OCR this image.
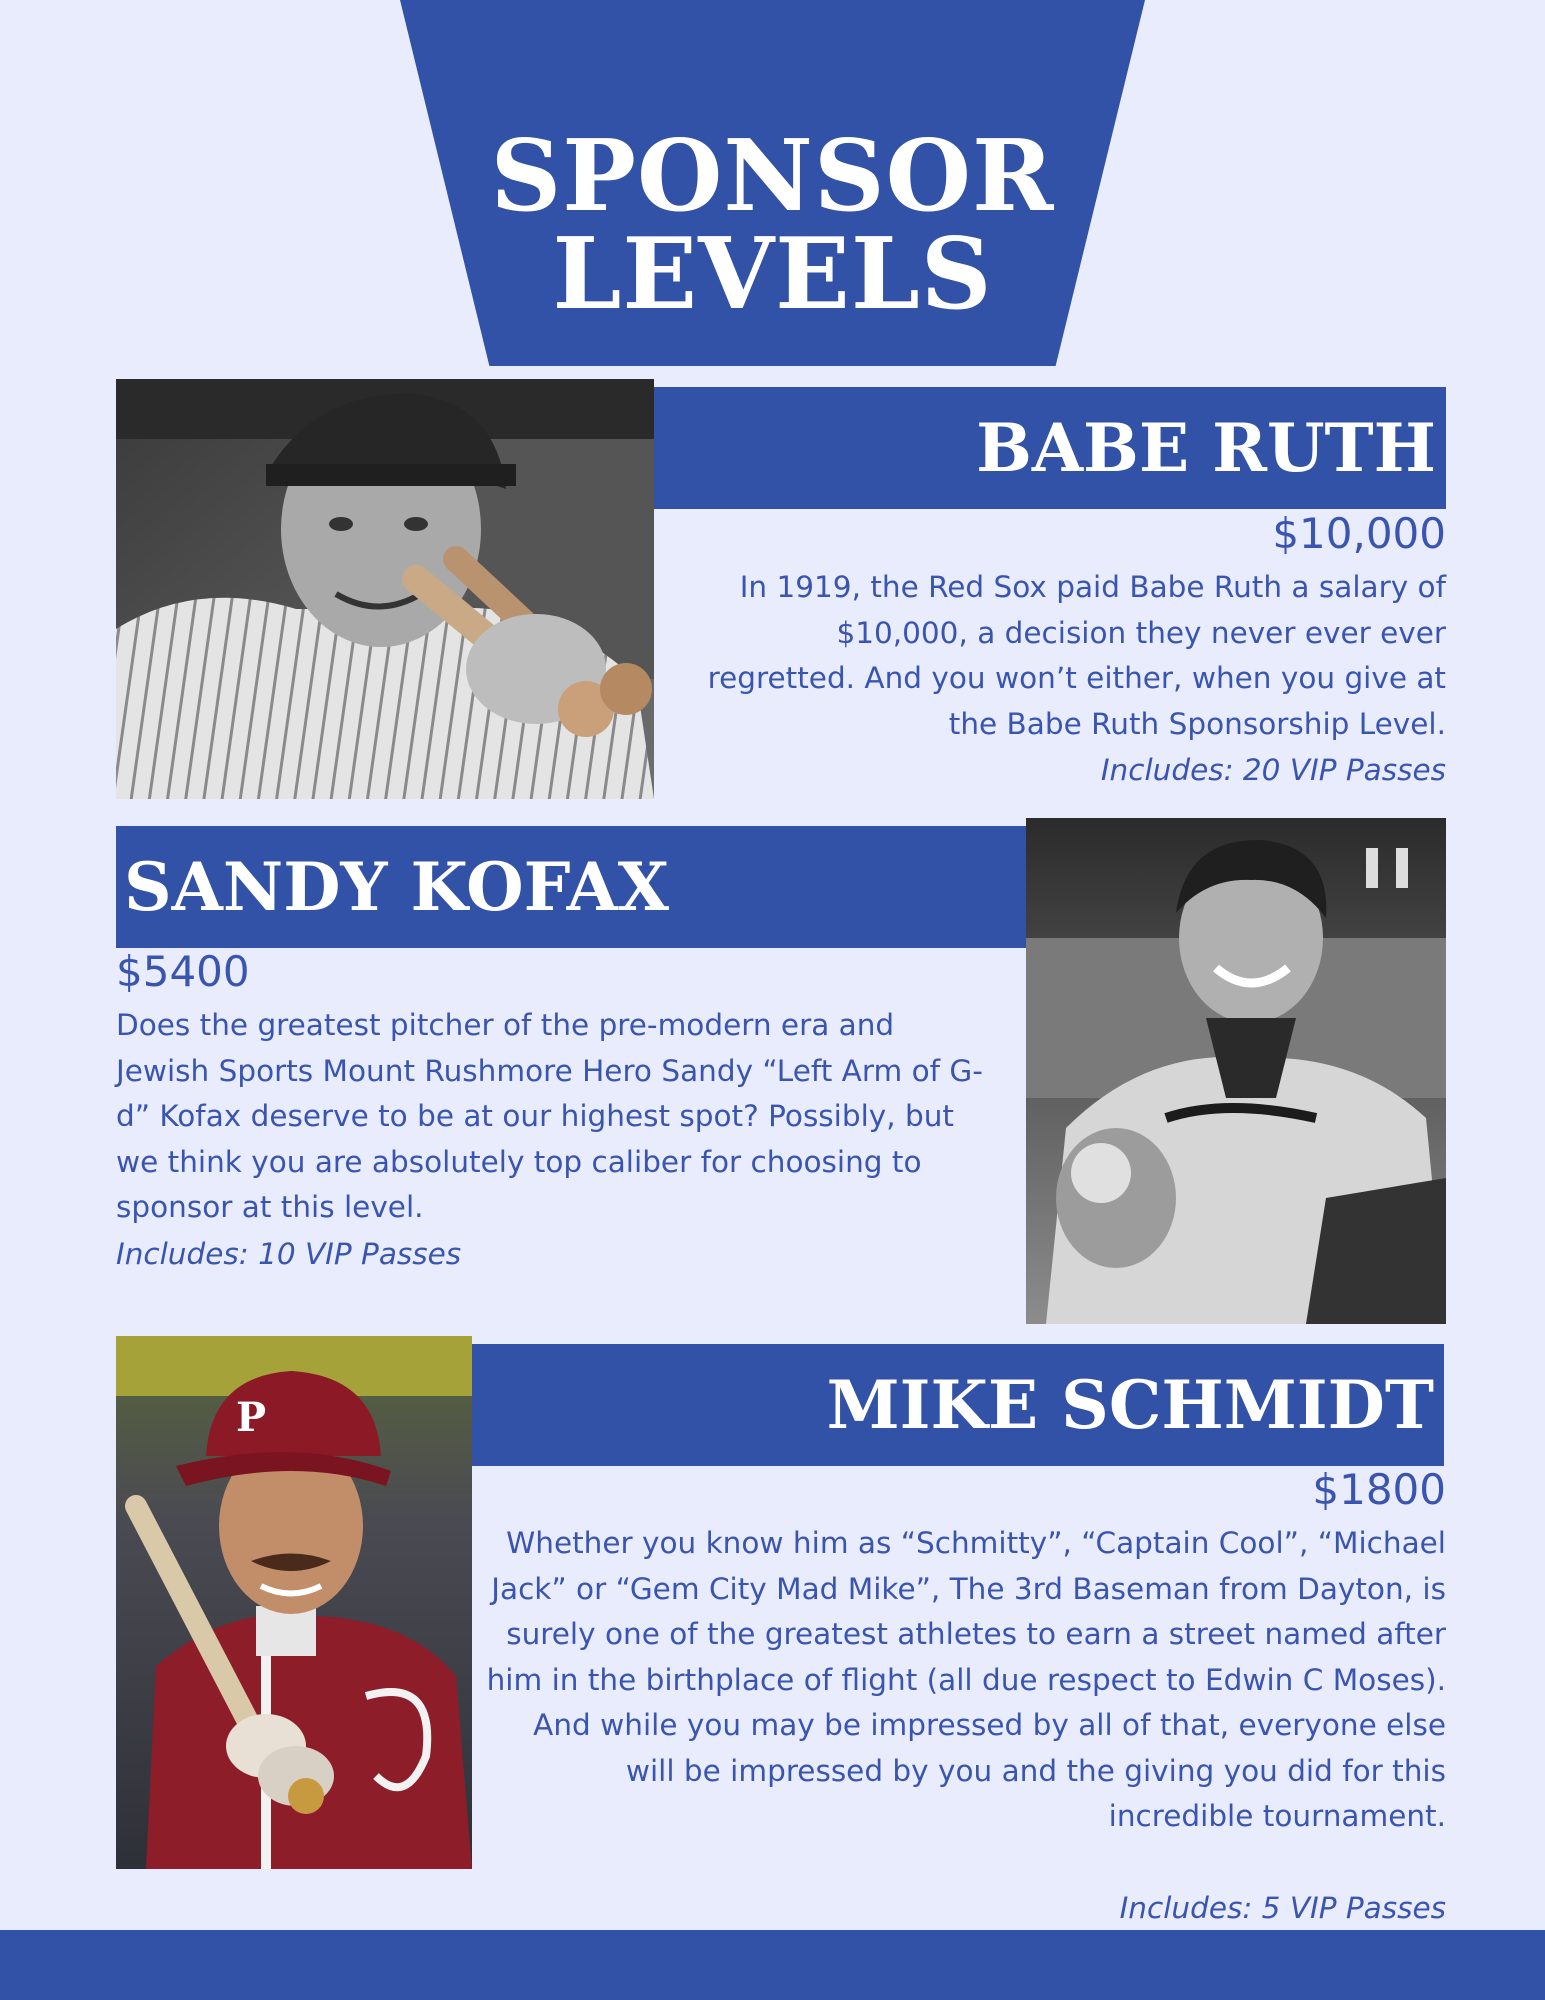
SPONSOR
LEVELS
BABE RUTH
$10,000
In 1919, the Red Sox paid Babe Ruth a salary of $10,000, a decision they never ever ever regretted. And you won’t either, when you give at the Babe Ruth Sponsorship Level.
Includes: 20 VIP Passes
SANDY KOFAX
$5400
Does the greatest pitcher of the pre-modern era and Jewish Sports Mount Rushmore Hero Sandy “Left Arm of G-d” Kofax deserve to be at our highest spot? Possibly, but we think you are absolutely top caliber for choosing to sponsor at this level.
Includes: 10 VIP Passes
P	MIKE SCHMIDT
$1800
Whether you know him as “Schmitty”, “Captain Cool”, “Michael Jack” or “Gem City Mad Mike”, The 3rd Baseman from Dayton, is surely one of the greatest athletes to earn a street named after him in the birthplace of flight (all due respect to Edwin C Moses). And while you may be impressed by all of that, everyone else will be impressed by you and the giving you did for this incredible tournament.
Includes: 5 VIP Passes
